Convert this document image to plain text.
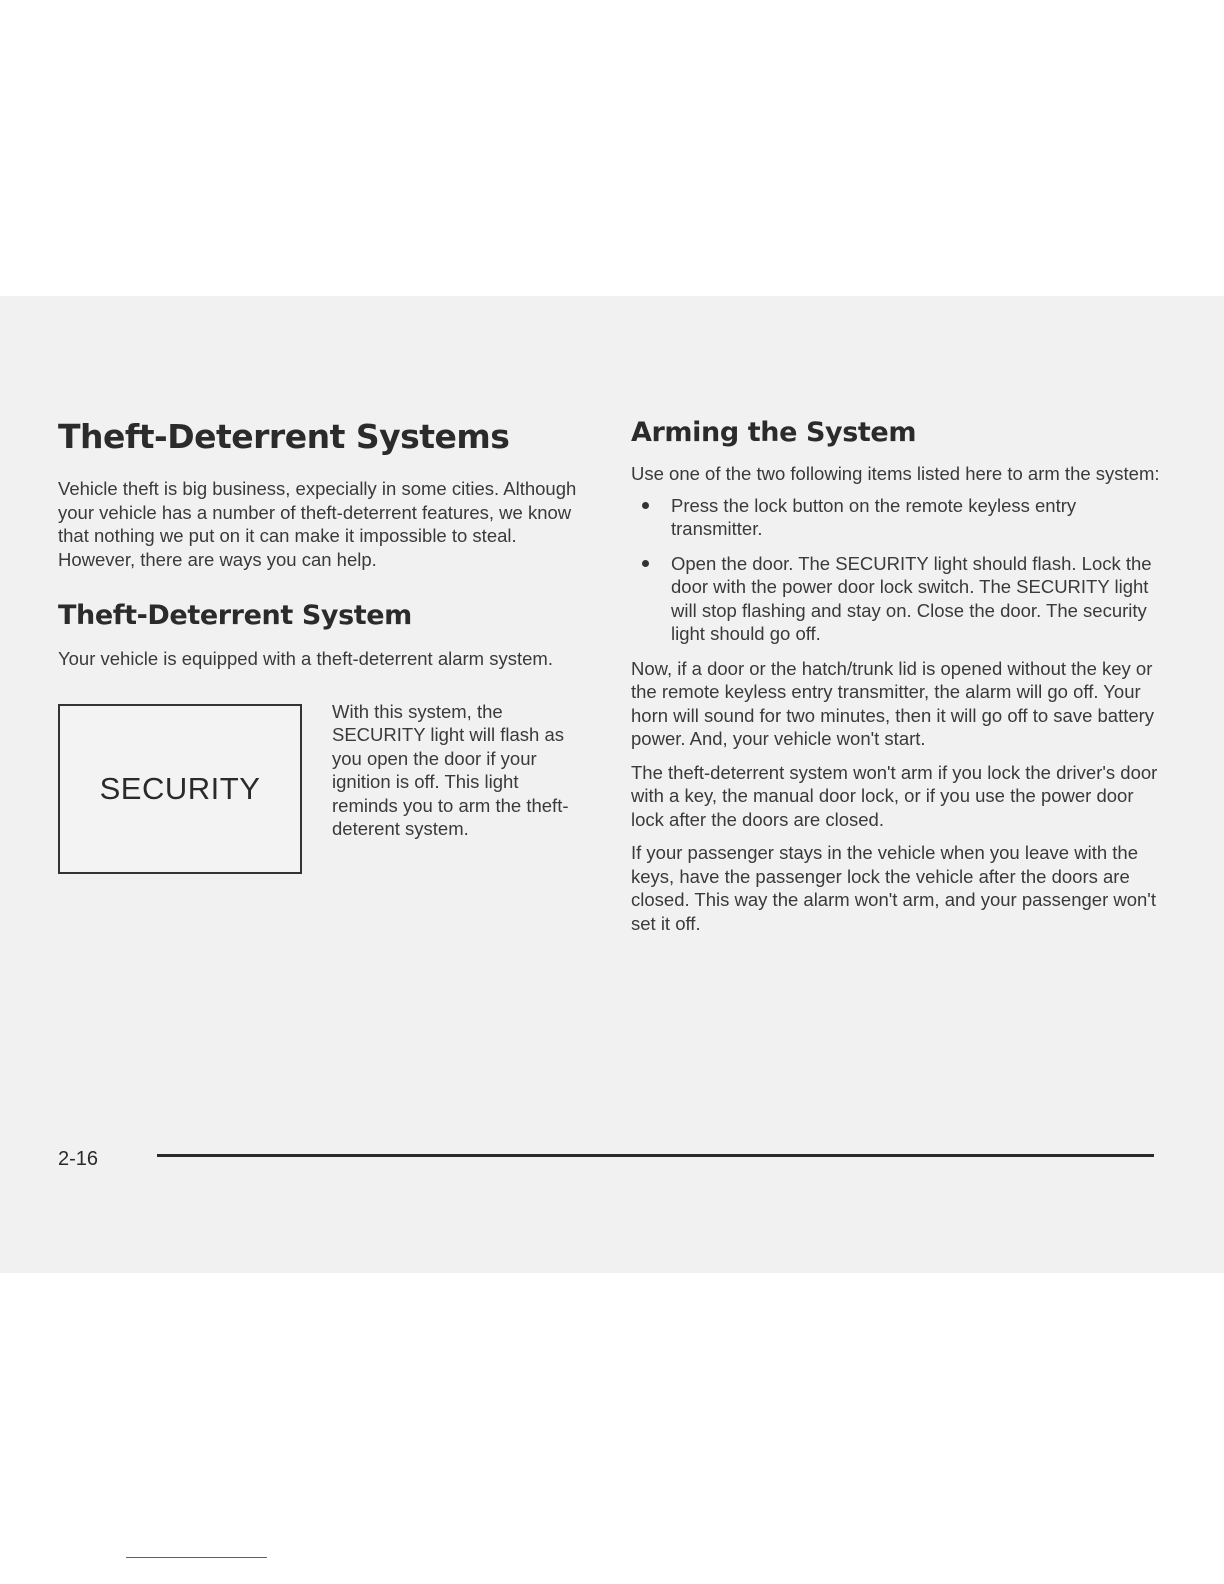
Theft-Deterrent Systems

Vehicle theft is big business, expecially in some cities. Although your vehicle has a number of theft-deterrent features, we know that nothing we put on it can make it impossible to steal. However, there are ways you can help.

Theft-Deterrent System

Your vehicle is equipped with a theft-deterrent alarm system.

SECURITY

With this system, the SECURITY light will flash as you open the door if your ignition is off. This light reminds you to arm the theft-deterent system.

Arming the System

Use one of the two following items listed here to arm the system:

Press the lock button on the remote keyless entry transmitter.
Open the door. The SECURITY light should flash. Lock the door with the power door lock switch. The SECURITY light will stop flashing and stay on. Close the door. The security light should go off.

Now, if a door or the hatch/trunk lid is opened without the key or the remote keyless entry transmitter, the alarm will go off. Your horn will sound for two minutes, then it will go off to save battery power. And, your vehicle won't start.

The theft-deterrent system won't arm if you lock the driver's door with a key, the manual door lock, or if you use the power door lock after the doors are closed.

If your passenger stays in the vehicle when you leave with the keys, have the passenger lock the vehicle after the doors are closed. This way the alarm won't arm, and your passenger won't set it off.

2-16
